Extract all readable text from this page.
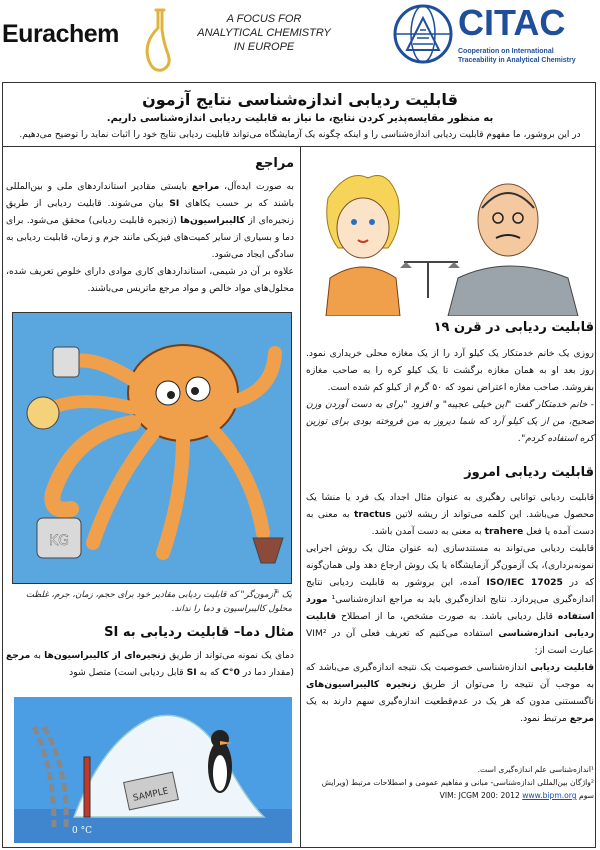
Eurachem
A FOCUS FOR
ANALYTICAL CHEMISTRY
IN EUROPE
CITAC
Cooperation on International
Traceability in Analytical Chemistry
قابلیت ردیابی اندازه‌شناسی نتایج آزمون
به منظور مقایسه‌پذیر کردن نتایج، ما نیاز به قابلیت ردیابی اندازه‌شناسی داریم.
در این بروشور، ما مفهوم قابلیت ردیابی اندازه‌شناسی را و اینکه چگونه یک آزمایشگاه می‌تواند قابلیت ردیابی نتایج خود را اثبات نماید را توضیح می‌دهیم.
مراجع
به صورت ایده‌آل، مراجع بایستی مقادیر استانداردهای ملی و بین‌المللی باشند که بر حسب یکاهای SI بیان می‌شوند. قابلیت ردیابی از طریق زنجیره‌ای از کالیبراسیون‌ها (زنجیره قابلیت ردیابی) محقق می‌شود. برای دما و بسیاری از سایر کمیت‌های فیزیکی مانند جرم و زمان، قابلیت ردیابی به سادگی ایجاد می‌شود.
علاوه بر آن در شیمی، استانداردهای کاری موادی دارای خلوص تعریف شده، محلول‌های مواد خالص و مواد مرجع ماتریس می‌باشند.
KG
یک "آزمون‌گر" که قابلیت ردیابی مقادیر خود برای حجم، زمان، جرم، غلظت محلول کالیبراسیون و دما را نداند.
مثال دما– قابلیت ردیابی به SI
دمای یک نمونه می‌تواند از طریق زنجیره‌ای از کالیبراسیون‌ها به مرجع (مقدار دما در 0°C که به SI قابل ردیابی است) متصل شود
SAMPLE
0 °C
قابلیت ردیابی در قرن ۱۹
روزی یک خانم خدمتکار یک کیلو آرد را از یک مغازه محلی خریداری نمود. روز بعد او به همان مغازه برگشت تا یک کیلو کره را به صاحب مغازه بفروشد. صاحب مغازه اعتراض نمود که ۵۰ گرم از کیلو کم شده است.
- خانم خدمتکار گفت "این خیلی عجیبه" و افزود "برای به دست آوردن وزن صحیح، من از یک کیلو آرد که شما دیروز به من فروخته بودی برای توزین کره استفاده کردم".
قابلیت ردیابی امروز
قابلیت ردیابی توانایی رهگیری به عنوان مثال اجداد یک فرد یا منشا یک محصول می‌باشد. این کلمه می‌تواند از ریشه لاتین tractus به معنی به دست آمده یا فعل trahere به معنی به دست آمدن باشد.
قابلیت ردیابی می‌تواند به مستندسازی (به عنوان مثال یک روش اجرایی نمونه‌برداری)، یک آزمون‌گر آزمایشگاه یا یک روش ارجاع دهد ولی همان‌گونه که در ISO/IEC 17025 آمده، این بروشور به قابلیت ردیابی نتایج اندازه‌گیری می‌پردازد. نتایج اندازه‌گیری باید به مراجع اندازه‌شناسی¹ مورد استفاده قابل ردیابی باشد. به صورت مشخص، ما از اصطلاح قابلیت ردیابی اندازه‌شناسی استفاده می‌کنیم که تعریف فعلی آن در VIM² عبارت است از:
قابلیت ردیابی اندازه‌شناسی خصوصیت یک نتیجه اندازه‌گیری می‌باشد که به موجب آن نتیجه را می‌توان از طریق زنجیره کالیبراسیون‌های ناگسستنی مدون که هر یک در عدم‌قطعیت اندازه‌گیری سهم دارند به یک مرجع مرتبط نمود.
¹اندازه‌شناسی علم اندازه‌گیری است.
²واژگان بین‌المللی اندازه‌شناسی- مبانی و مفاهیم عمومی و اصطلاحات مرتبط (ویرایش سوم VIM: JCGM 200: 2012 www.bipm.org
